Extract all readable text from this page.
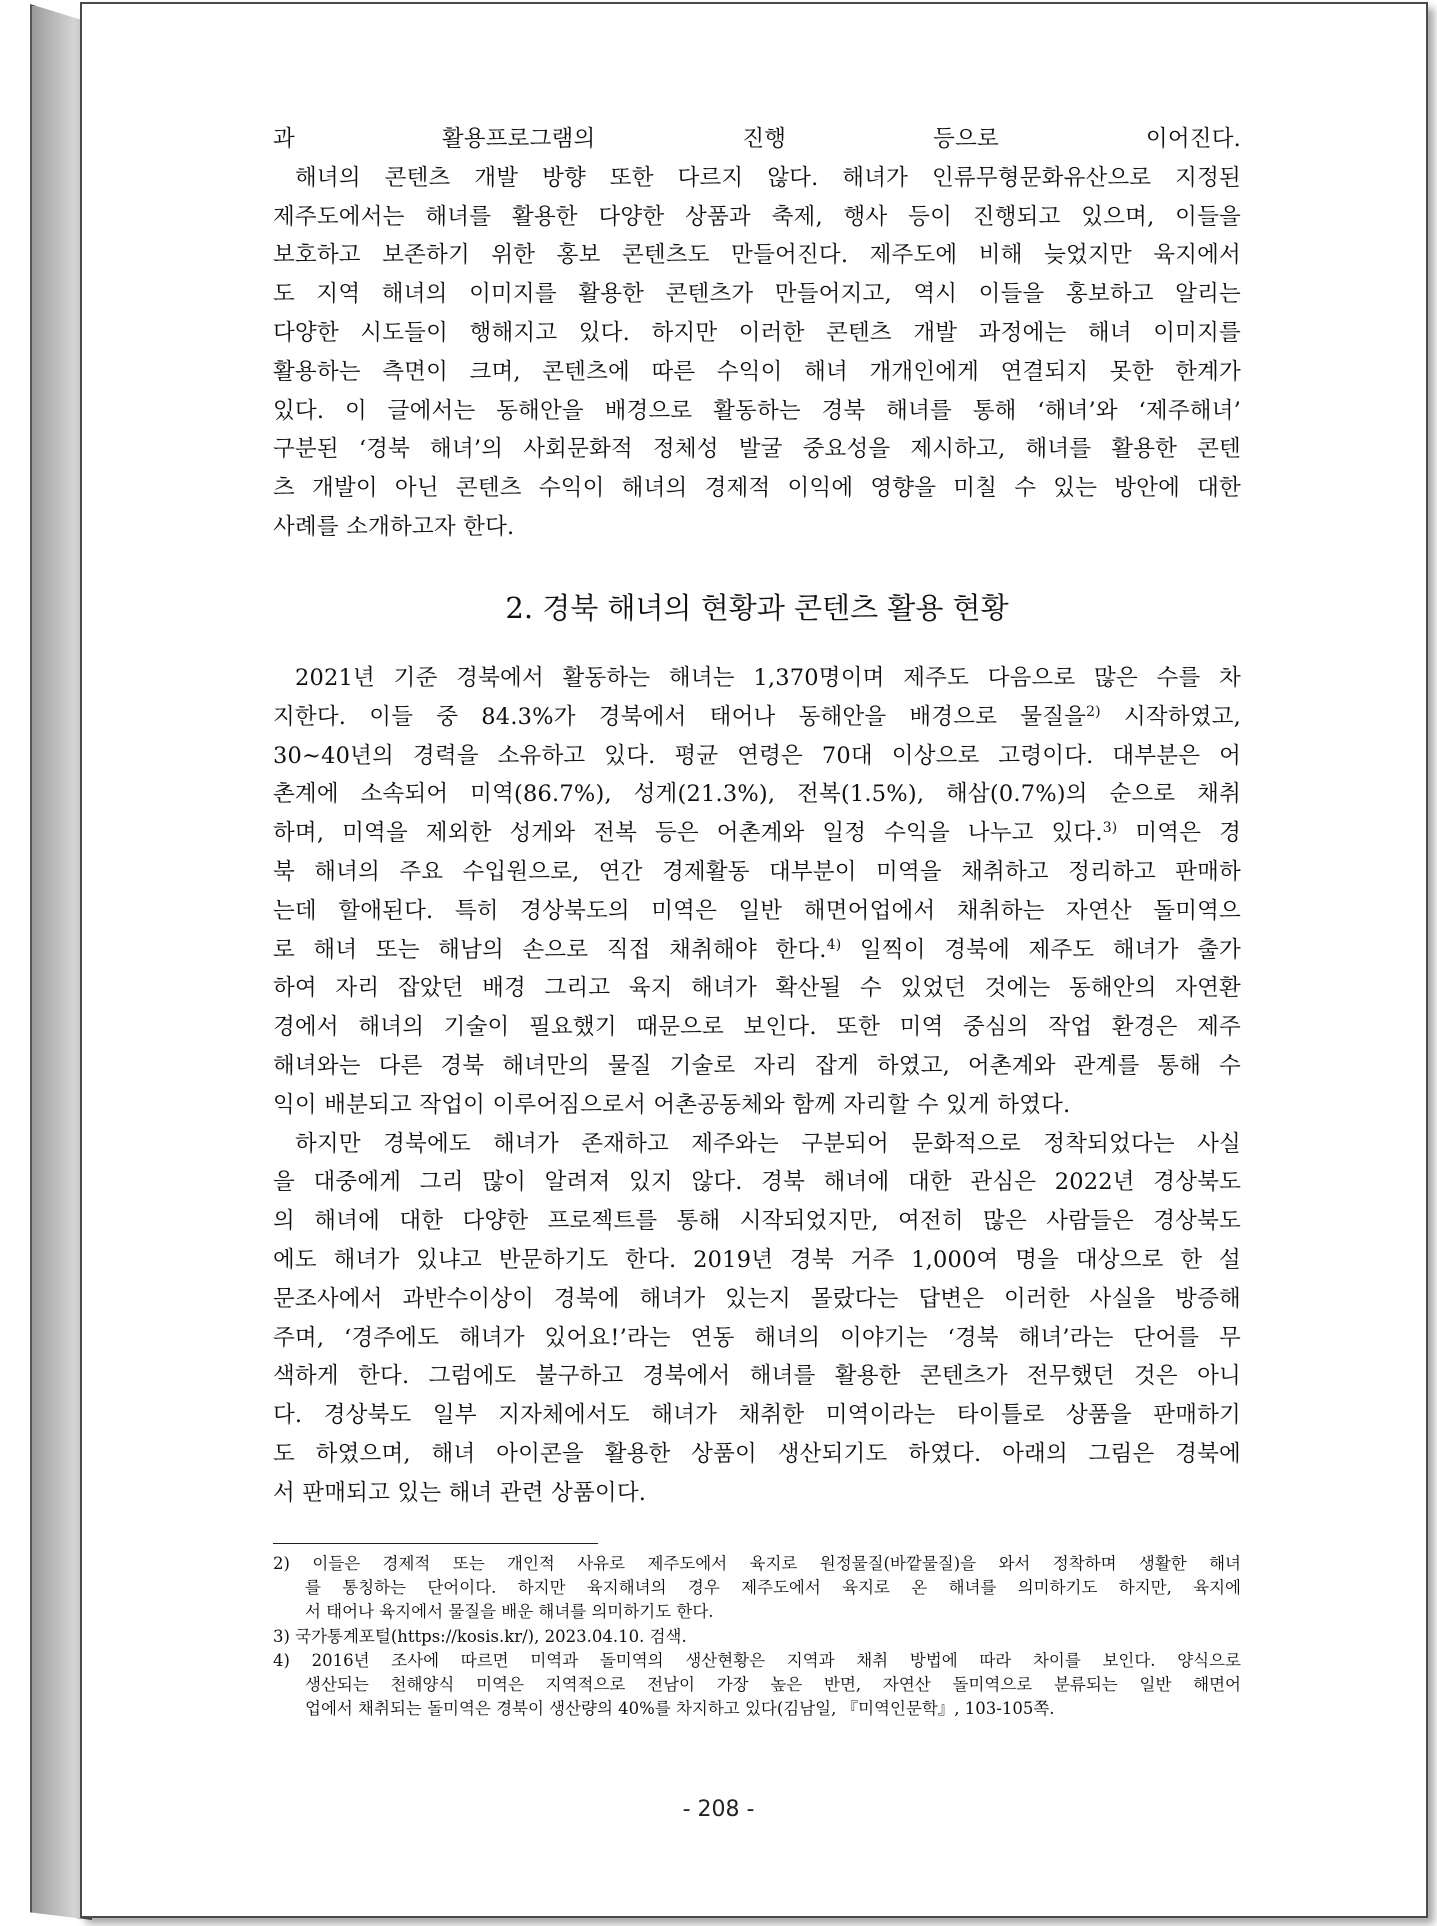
과 활용프로그램의 진행 등으로 이어진다.
해녀의 콘텐츠 개발 방향 또한 다르지 않다. 해녀가 인류무형문화유산으로 지정된
제주도에서는 해녀를 활용한 다양한 상품과 축제, 행사 등이 진행되고 있으며, 이들을
보호하고 보존하기 위한 홍보 콘텐츠도 만들어진다. 제주도에 비해 늦었지만 육지에서
도 지역 해녀의 이미지를 활용한 콘텐츠가 만들어지고, 역시 이들을 홍보하고 알리는
다양한 시도들이 행해지고 있다. 하지만 이러한 콘텐츠 개발 과정에는 해녀 이미지를
활용하는 측면이 크며, 콘텐츠에 따른 수익이 해녀 개개인에게 연결되지 못한 한계가
있다. 이 글에서는 동해안을 배경으로 활동하는 경북 해녀를 통해 ‘해녀’와 ‘제주해녀’
구분된 ‘경북 해녀’의 사회문화적 정체성 발굴 중요성을 제시하고, 해녀를 활용한 콘텐
츠 개발이 아닌 콘텐츠 수익이 해녀의 경제적 이익에 영향을 미칠 수 있는 방안에 대한
사례를 소개하고자 한다.
2. 경북 해녀의 현황과 콘텐츠 활용 현황
2021년 기준 경북에서 활동하는 해녀는 1,370명이며 제주도 다음으로 많은 수를 차
지한다. 이들 중 84.3%가 경북에서 태어나 동해안을 배경으로 물질을$^{2)}$ 시작하였고,
30~40년의 경력을 소유하고 있다. 평균 연령은 70대 이상으로 고령이다. 대부분은 어
촌계에 소속되어 미역(86.7%), 성게(21.3%), 전복(1.5%), 해삼(0.7%)의 순으로 채취
하며, 미역을 제외한 성게와 전복 등은 어촌계와 일정 수익을 나누고 있다.$^{3)}$ 미역은 경
북 해녀의 주요 수입원으로, 연간 경제활동 대부분이 미역을 채취하고 정리하고 판매하
는데 할애된다. 특히 경상북도의 미역은 일반 해면어업에서 채취하는 자연산 돌미역으
로 해녀 또는 해남의 손으로 직접 채취해야 한다.$^{4)}$ 일찍이 경북에 제주도 해녀가 출가
하여 자리 잡았던 배경 그리고 육지 해녀가 확산될 수 있었던 것에는 동해안의 자연환
경에서 해녀의 기술이 필요했기 때문으로 보인다. 또한 미역 중심의 작업 환경은 제주
해녀와는 다른 경북 해녀만의 물질 기술로 자리 잡게 하였고, 어촌계와 관계를 통해 수
익이 배분되고 작업이 이루어짐으로서 어촌공동체와 함께 자리할 수 있게 하였다.
하지만 경북에도 해녀가 존재하고 제주와는 구분되어 문화적으로 정착되었다는 사실
을 대중에게 그리 많이 알려져 있지 않다. 경북 해녀에 대한 관심은 2022년 경상북도
의 해녀에 대한 다양한 프로젝트를 통해 시작되었지만, 여전히 많은 사람들은 경상북도
에도 해녀가 있냐고 반문하기도 한다. 2019년 경북 거주 1,000여 명을 대상으로 한 설
문조사에서 과반수이상이 경북에 해녀가 있는지 몰랐다는 답변은 이러한 사실을 방증해
주며, ‘경주에도 해녀가 있어요!’라는 연동 해녀의 이야기는 ‘경북 해녀’라는 단어를 무
색하게 한다. 그럼에도 불구하고 경북에서 해녀를 활용한 콘텐츠가 전무했던 것은 아니
다. 경상북도 일부 지자체에서도 해녀가 채취한 미역이라는 타이틀로 상품을 판매하기
도 하였으며, 해녀 아이콘을 활용한 상품이 생산되기도 하였다. 아래의 그림은 경북에
서 판매되고 있는 해녀 관련 상품이다.
2) 이들은 경제적 또는 개인적 사유로 제주도에서 육지로 원정물질(바깥물질)을 와서 정착하며 생활한 해녀
를 통칭하는 단어이다. 하지만 육지해녀의 경우 제주도에서 육지로 온 해녀를 의미하기도 하지만, 육지에
서 태어나 육지에서 물질을 배운 해녀를 의미하기도 한다.
3) 국가통계포털(https://kosis.kr/), 2023.04.10. 검색.
4) 2016년 조사에 따르면 미역과 돌미역의 생산현황은 지역과 채취 방법에 따라 차이를 보인다. 양식으로
생산되는 천해양식 미역은 지역적으로 전남이 가장 높은 반면, 자연산 돌미역으로 분류되는 일반 해면어
업에서 채취되는 돌미역은 경북이 생산량의 40%를 차지하고 있다(김남일, 『미역인문학』, 103-105쪽.
- 208 -
